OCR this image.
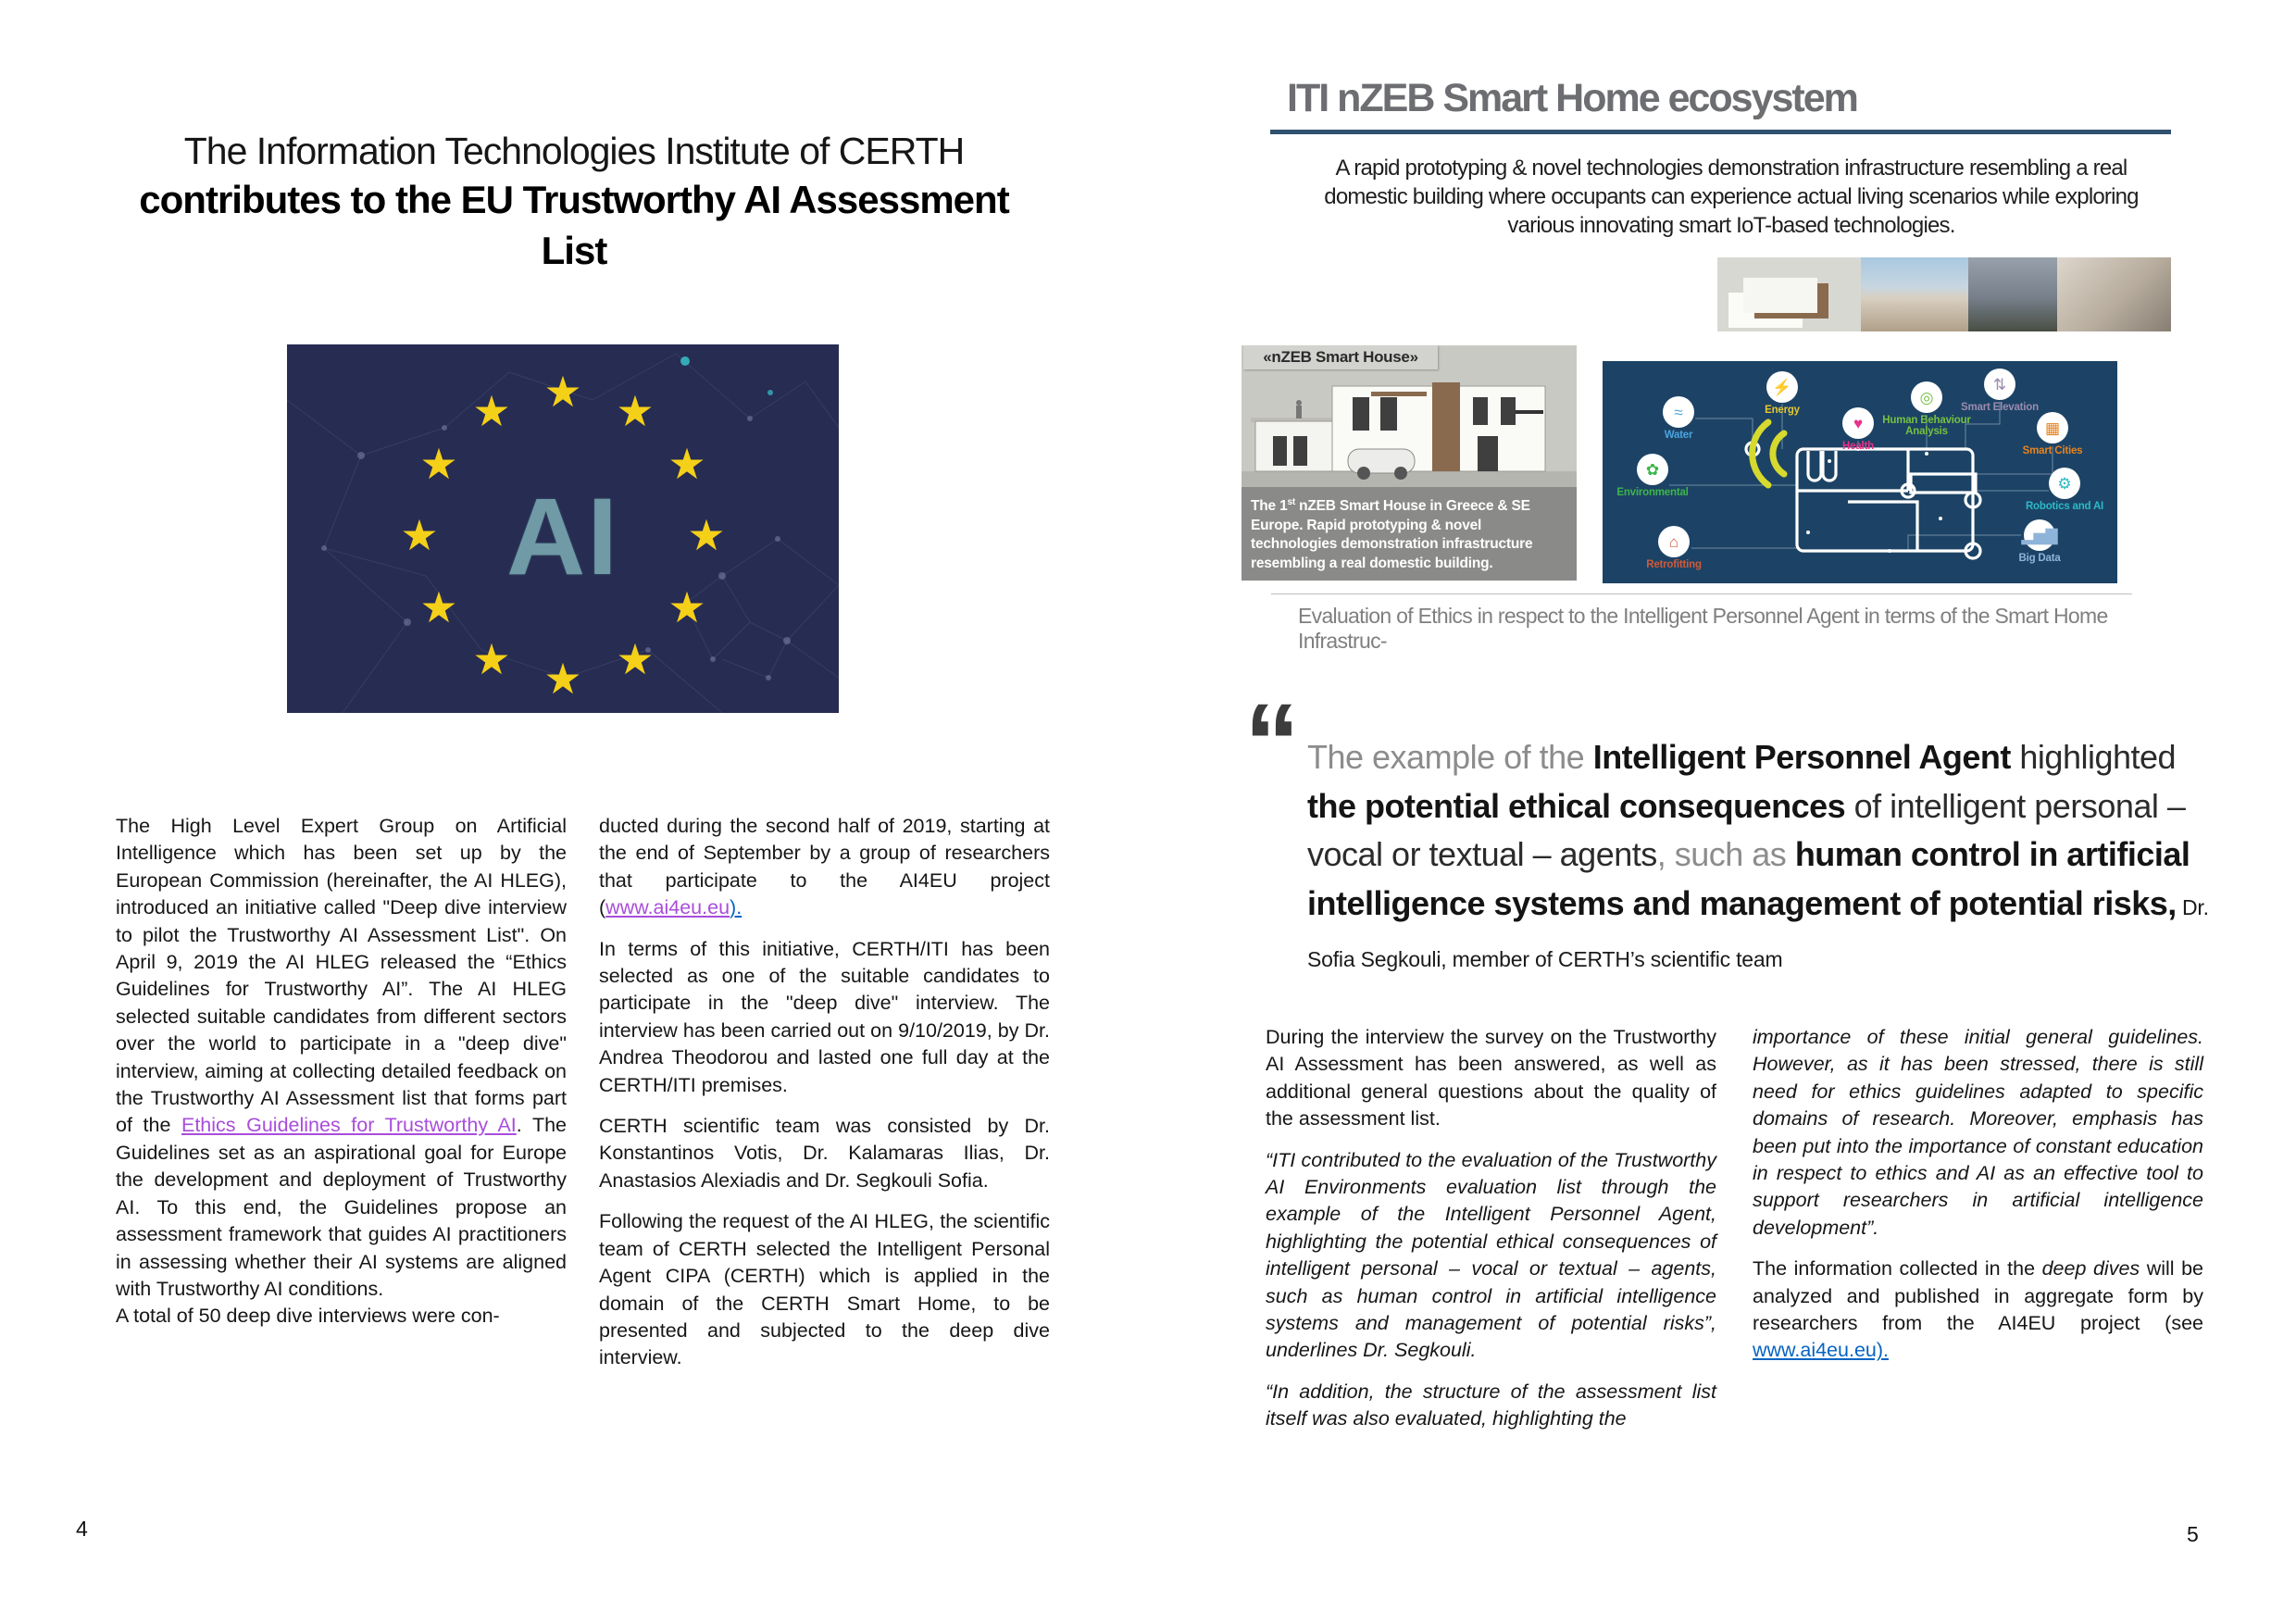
The Information Technologies Institute of CERTH
contributes to the EU Trustworthy AI Assessment
List
★ ★
★
★
★
★
★
★
★
★
★
★
AI

The High Level Expert Group on Artificial Intelligence which has been set up by the European Commission (hereinafter, the AI HLEG), introduced an initiative called "Deep dive interview to pilot the Trustworthy AI Assessment List". On April 9, 2019 the AI HLEG released the “Ethics Guidelines for Trustworthy AI”. The AI HLEG selected suitable candidates from different sectors over the world to participate in a "deep dive" interview, aiming at collecting detailed feedback on the Trustworthy AI Assessment list that forms part of the Ethics Guidelines for Trustworthy AI. The Guidelines set as an aspirational goal for Europe the development and deployment of Trustworthy AI. To this end, the Guidelines propose an assessment framework that guides AI practitioners in assessing whether their AI systems are aligned with Trustworthy AI conditions.

A total of 50 deep dive interviews were con-

ducted during the second half of 2019, starting at the end of September by a group of researchers that participate to the AI4EU project (www.ai4eu.eu).

In terms of this initiative, CERTH/ITI has been selected as one of the suitable candidates to participate in the "deep dive" interview. The interview has been carried out on 9/10/2019, by Dr. Andrea Theodorou and lasted one full day at the CERTH/ITI premises.

CERTH scientific team was consisted by Dr. Konstantinos Votis, Dr. Kalamaras Ilias, Dr. Anastasios Alexiadis and Dr. Segkouli Sofia.

Following the request of the AI HLEG, the scientific team of CERTH selected the Intelligent Personal Agent CIPA (CERTH) which is applied in the domain of the CERTH Smart Home, to be presented and subjected to the deep dive interview.

4
ITI nZEB Smart Home ecosystem
A rapid prototyping & novel technologies demonstration infrastructure resembling a real domestic building where occupants can experience actual living scenarios while exploring various innovating smart IoT-based technologies.
«nZEB Smart House»
The 1st nZEB Smart House in Greece & SE Europe. Rapid prototyping & novel technologies demonstration infrastructure resembling a real domestic building.
⚡
Energy
≈
Water
♥
Health
◎
Human Behaviour Analysis
⇅
Smart Elevation
▦
Smart Cities
⚙
Robotics and AI
▂▅▇
Big Data
✿
Environmental
⌂
Retrofitting
Evaluation of Ethics in respect to the Intelligent Personnel Agent in terms of the Smart Home Infrastruc-
“ The example of the Intelligent Personnel Agent highlighted the potential ethical consequences of intelligent personal – vocal or textual – agents, such as human control in artificial intelligence systems and management of potential risks, Dr. Sofia Segkouli, member of CERTH’s scientific team

During the interview the survey on the Trustworthy AI Assessment has been answered, as well as additional general questions about the quality of the assessment list.

“ITI contributed to the evaluation of the Trustworthy AI Environments evaluation list through the example of the Intelligent Personnel Agent, highlighting the potential ethical consequences of intelligent personal – vocal or textual – agents, such as human control in artificial intelligence systems and management of potential risks”, underlines Dr. Segkouli.

“In addition, the structure of the assessment list itself was also evaluated, highlighting the

importance of these initial general guidelines. However, as it has been stressed, there is still need for ethics guidelines adapted to specific domains of research. Moreover, emphasis has been put into the importance of constant education in respect to ethics and AI as an effective tool to support researchers in artificial intelligence development”.

The information collected in the deep dives will be analyzed and published in aggregate form by researchers from the AI4EU project (see www.ai4eu.eu).

5
